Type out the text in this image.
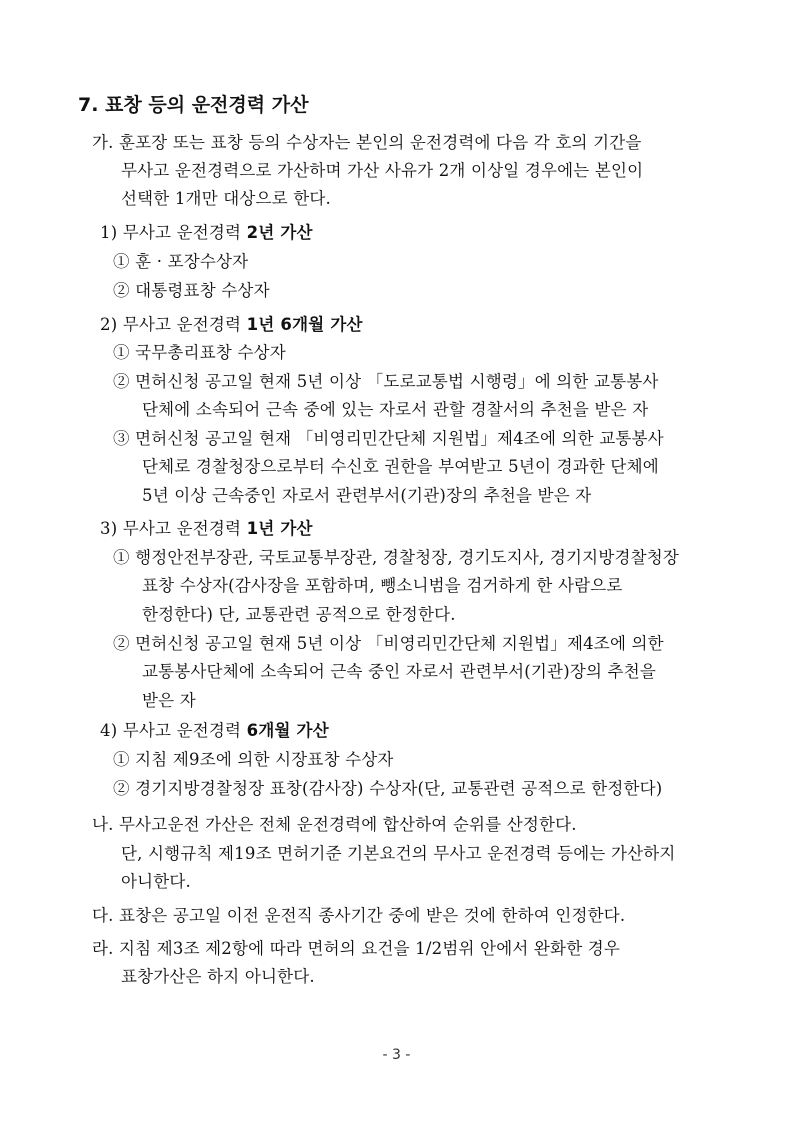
7. 표창 등의 운전경력 가산
가. 훈포장 또는 표창 등의 수상자는 본인의 운전경력에 다음 각 호의 기간을
무사고 운전경력으로 가산하며 가산 사유가 2개 이상일 경우에는 본인이
선택한 1개만 대상으로 한다.
1) 무사고 운전경력 2년 가산
① 훈 · 포장수상자
② 대통령표창 수상자
2) 무사고 운전경력 1년 6개월 가산
① 국무총리표창 수상자
② 면허신청 공고일 현재 5년 이상 「도로교통법 시행령」에 의한 교통봉사
단체에 소속되어 근속 중에 있는 자로서 관할 경찰서의 추천을 받은 자
③ 면허신청 공고일 현재 「비영리민간단체 지원법」제4조에 의한 교통봉사
단체로 경찰청장으로부터 수신호 권한을 부여받고 5년이 경과한 단체에
5년 이상 근속중인 자로서 관련부서(기관)장의 추천을 받은 자
3) 무사고 운전경력 1년 가산
① 행정안전부장관, 국토교통부장관, 경찰청장, 경기도지사, 경기지방경찰청장
표창 수상자(감사장을 포함하며, 뺑소니범을 검거하게 한 사람으로
한정한다) 단, 교통관련 공적으로 한정한다.
② 면허신청 공고일 현재 5년 이상 「비영리민간단체 지원법」제4조에 의한
교통봉사단체에 소속되어 근속 중인 자로서 관련부서(기관)장의 추천을
받은 자
4) 무사고 운전경력 6개월 가산
① 지침 제9조에 의한 시장표창 수상자
② 경기지방경찰청장 표창(감사장) 수상자(단, 교통관련 공적으로 한정한다)
나. 무사고운전 가산은 전체 운전경력에 합산하여 순위를 산정한다.
단, 시행규칙 제19조 면허기준 기본요건의 무사고 운전경력 등에는 가산하지
아니한다.
다. 표창은 공고일 이전 운전직 종사기간 중에 받은 것에 한하여 인정한다.
라. 지침 제3조 제2항에 따라 면허의 요건을 1/2범위 안에서 완화한 경우
표창가산은 하지 아니한다.
- 3 -
